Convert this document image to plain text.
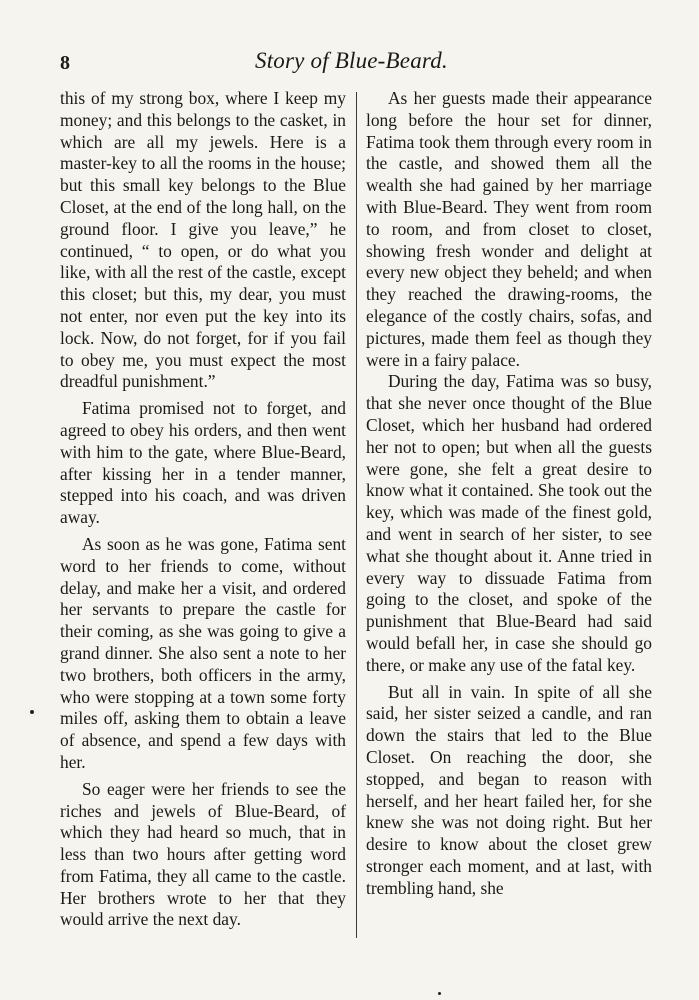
8	Story of Blue-Beard.

this of my strong box, where I keep my money; and this belongs to the casket, in which are all my jewels. Here is a master-key to all the rooms in the house; but this small key belongs to the Blue Closet, at the end of the long hall, on the ground floor. I give you leave,” he continued, “ to open, or do what you like, with all the rest of the castle, except this closet; but this, my dear, you must not enter, nor even put the key into its lock. Now, do not forget, for if you fail to obey me, you must expect the most dreadful punishment.”

Fatima promised not to forget, and agreed to obey his orders, and then went with him to the gate, where Blue-Beard, after kissing her in a tender manner, stepped into his coach, and was driven away.

As soon as he was gone, Fatima sent word to her friends to come, without delay, and make her a visit, and ordered her servants to prepare the castle for their coming, as she was going to give a grand dinner. She also sent a note to her two brothers, both officers in the army, who were stopping at a town some forty miles off, asking them to obtain a leave of absence, and spend a few days with her.

So eager were her friends to see the riches and jewels of Blue-Beard, of which they had heard so much, that in less than two hours after getting word from Fatima, they all came to the castle. Her brothers wrote to her that they would arrive the next day.

As her guests made their appearance long before the hour set for dinner, Fatima took them through every room in the castle, and showed them all the wealth she had gained by her marriage with Blue-Beard. They went from room to room, and from closet to closet, showing fresh wonder and delight at every new object they beheld; and when they reached the drawing-rooms, the elegance of the costly chairs, sofas, and pictures, made them feel as though they were in a fairy palace.

During the day, Fatima was so busy, that she never once thought of the Blue Closet, which her husband had ordered her not to open; but when all the guests were gone, she felt a great desire to know what it contained. She took out the key, which was made of the finest gold, and went in search of her sister, to see what she thought about it. Anne tried in every way to dissuade Fatima from going to the closet, and spoke of the punishment that Blue-Beard had said would befall her, in case she should go there, or make any use of the fatal key.

But all in vain. In spite of all she said, her sister seized a candle, and ran down the stairs that led to the Blue Closet. On reaching the door, she stopped, and began to reason with herself, and her heart failed her, for she knew she was not doing right. But her desire to know about the closet grew stronger each moment, and at last, with trembling hand, she
